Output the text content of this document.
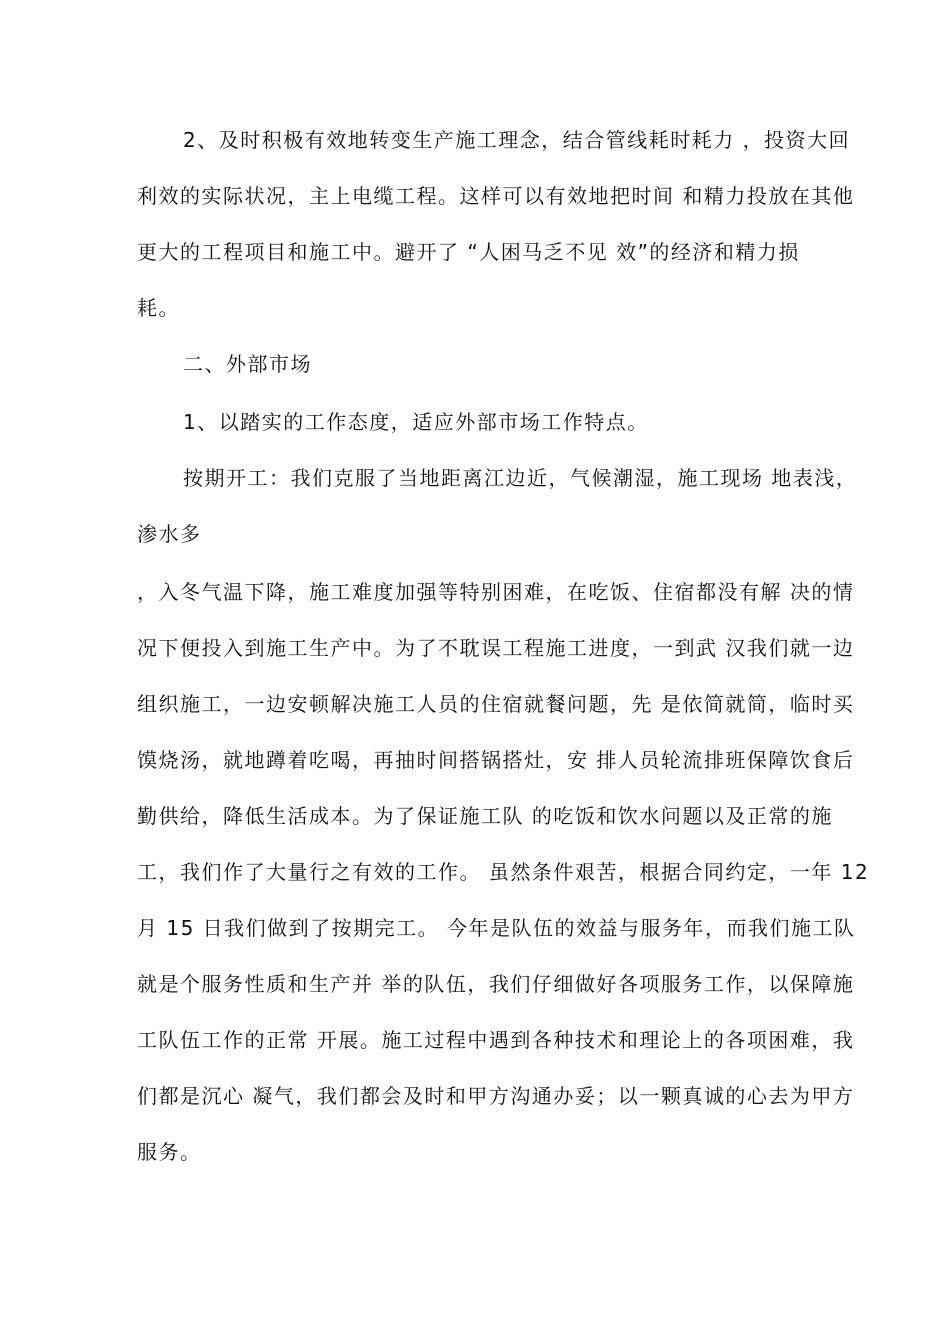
2、及时积极有效地转变生产施工理念，结合管线耗时耗力 ，投资大回
利效的实际状况，主上电缆工程。这样可以有效地把时间 和精力投放在其他
更大的工程项目和施工中。避开了 “人困马乏不见 效”的经济和精力损
耗。
二、外部市场
1、以踏实的工作态度，适应外部市场工作特点。
按期开工：我们克服了当地距离江边近，气候潮湿，施工现场 地表浅，
渗水多
，入冬气温下降，施工难度加强等特别困难，在吃饭、住宿都没有解 决的情
况下便投入到施工生产中。为了不耽误工程施工进度，一到武 汉我们就一边
组织施工，一边安顿解决施工人员的住宿就餐问题，先 是依简就简，临时买
馍烧汤，就地蹲着吃喝，再抽时间搭锅搭灶，安 排人员轮流排班保障饮食后
勤供给，降低生活成本。为了保证施工队 的吃饭和饮水问题以及正常的施
工，我们作了大量行之有效的工作。 虽然条件艰苦，根据合同约定，一年 12
月 15 日我们做到了按期完工。 今年是队伍的效益与服务年，而我们施工队
就是个服务性质和生产并 举的队伍，我们仔细做好各项服务工作，以保障施
工队伍工作的正常 开展。施工过程中遇到各种技术和理论上的各项困难，我
们都是沉心 凝气，我们都会及时和甲方沟通办妥；以一颗真诚的心去为甲方
服务。
